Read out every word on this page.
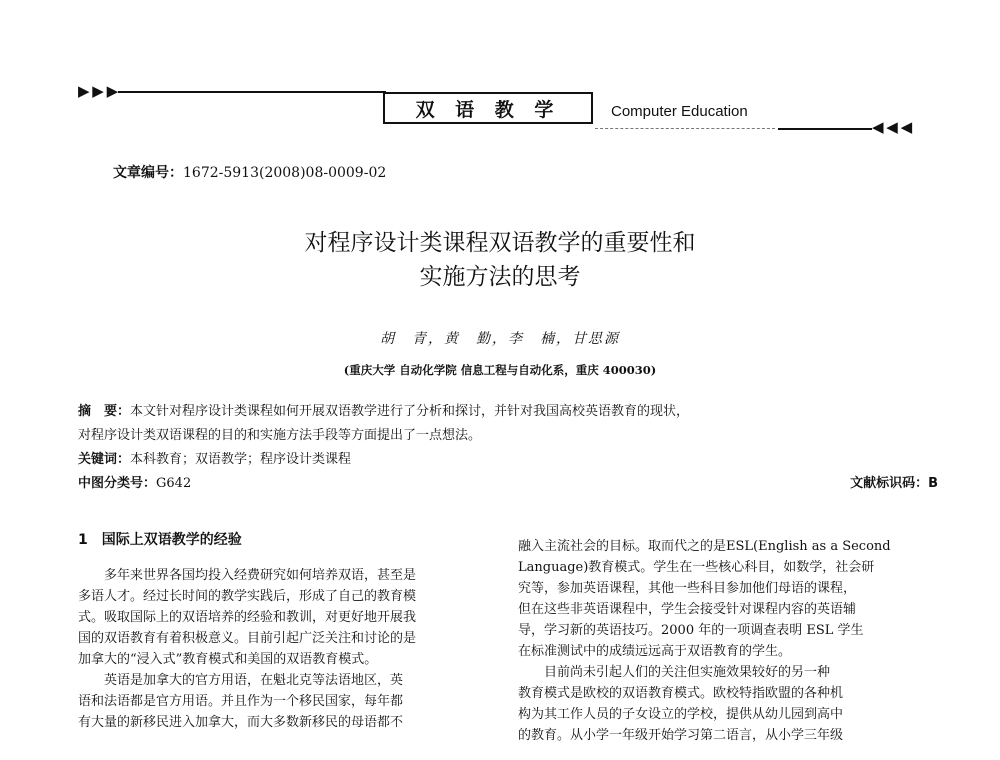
▶ ▶ ▶
双 语 教 学	Computer Education
◀ ◀ ◀
文章编号：1672-5913(2008)08-0009-02
对程序设计类课程双语教学的重要性和
实施方法的思考
胡　青，黄　勤，李　楠，甘思源
(重庆大学 自动化学院 信息工程与自动化系，重庆 400030)
摘　要：本文针对程序设计类课程如何开展双语教学进行了分析和探讨，并针对我国高校英语教育的现状，
对程序设计类双语课程的目的和实施方法手段等方面提出了一点想法。
关键词：本科教育；双语教学；程序设计类课程
中图分类号：G642	文献标识码：B
1　国际上双语教学的经验

　　多年来世界各国均投入经费研究如何培养双语，甚至是

多语人才。经过长时间的教学实践后，形成了自己的教育模

式。吸取国际上的双语培养的经验和教训，对更好地开展我

国的双语教育有着积极意义。目前引起广泛关注和讨论的是

加拿大的“浸入式”教育模式和美国的双语教育模式。

　　英语是加拿大的官方用语，在魁北克等法语地区，英

语和法语都是官方用语。并且作为一个移民国家，每年都

有大量的新移民进入加拿大，而大多数新移民的母语都不

融入主流社会的目标。取而代之的是ESL(English as a Second

Language)教育模式。学生在一些核心科目，如数学，社会研

究等，参加英语课程，其他一些科目参加他们母语的课程，

但在这些非英语课程中，学生会接受针对课程内容的英语辅

导，学习新的英语技巧。2000 年的一项调查表明 ESL 学生

在标准测试中的成绩远远高于双语教育的学生。

　　目前尚未引起人们的关注但实施效果较好的另一种

教育模式是欧校的双语教育模式。欧校特指欧盟的各种机

构为其工作人员的子女设立的学校，提供从幼儿园到高中

的教育。从小学一年级开始学习第二语言，从小学三年级
